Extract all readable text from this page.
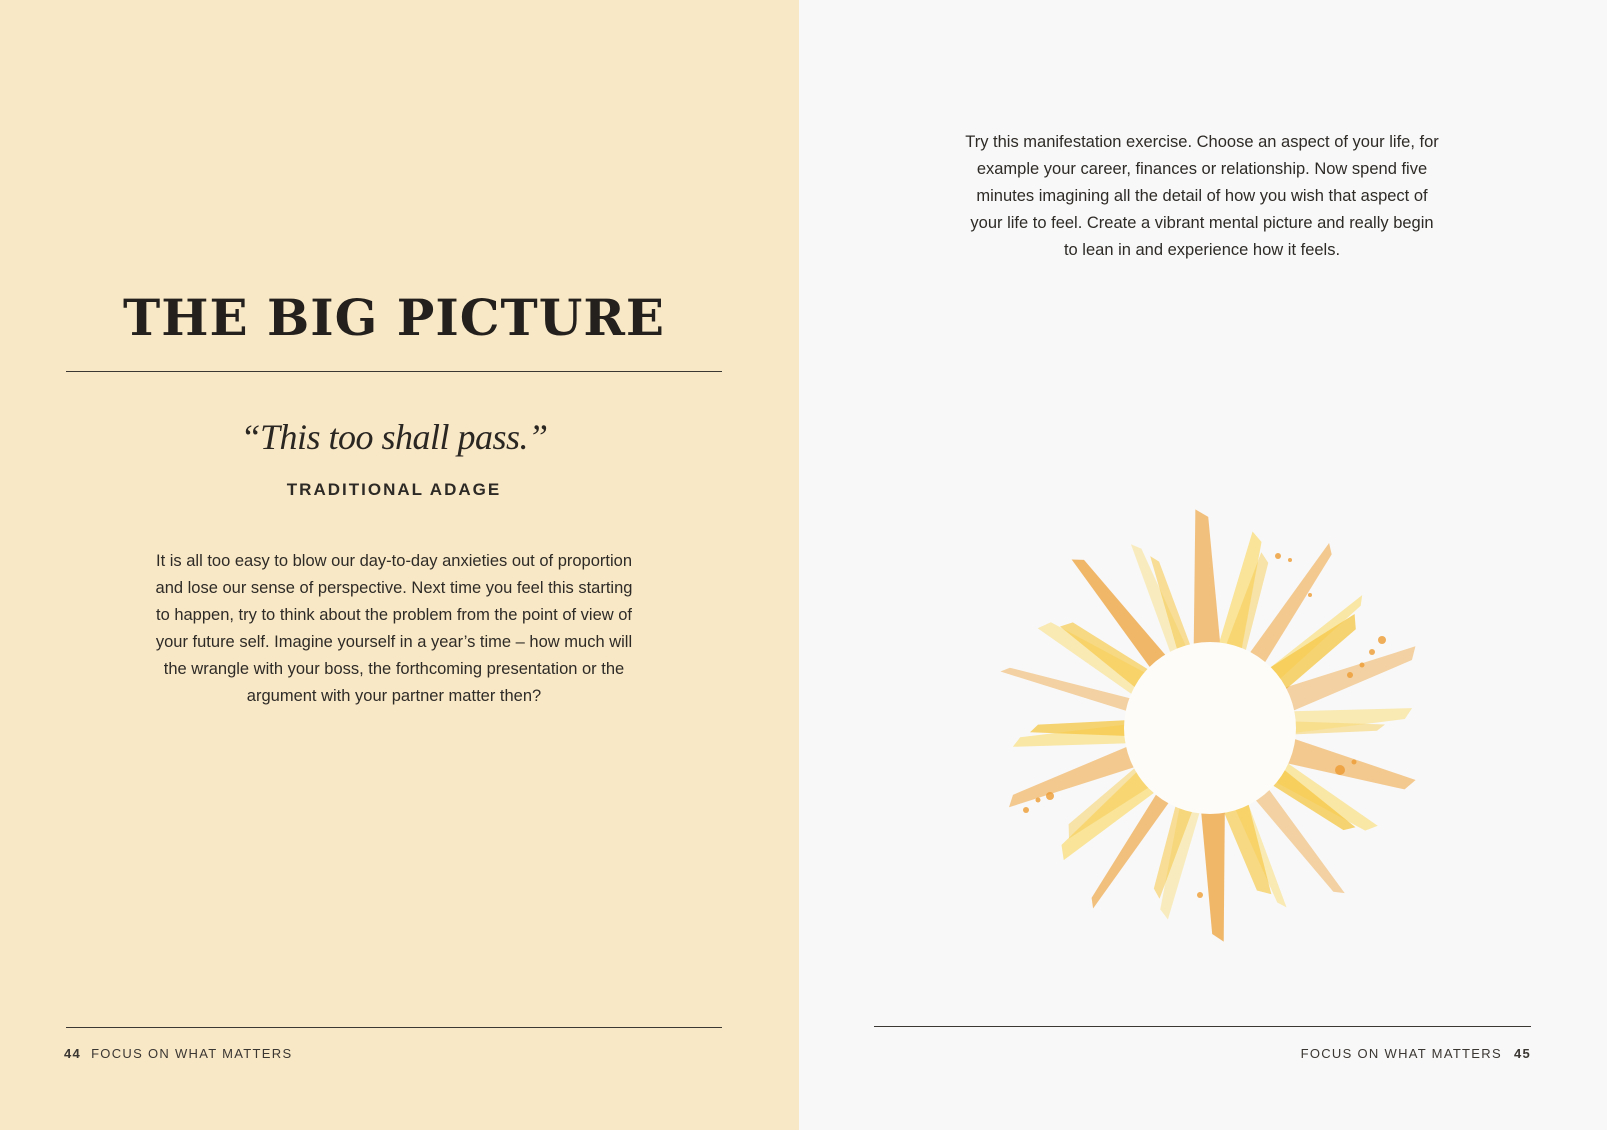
THE BIG PICTURE
“This too shall pass.”
TRADITIONAL ADAGE

It is all too easy to blow our day-to-day anxieties out of proportion
and lose our sense of perspective. Next time you feel this starting
to happen, try to think about the problem from the point of view of
your future self. Imagine yourself in a year’s time – how much will
the wrangle with your boss, the forthcoming presentation or the
argument with your partner matter then?

44 FOCUS ON WHAT MATTERS

Try this manifestation exercise. Choose an aspect of your life, for
example your career, finances or relationship. Now spend five
minutes imagining all the detail of how you wish that aspect of
your life to feel. Create a vibrant mental picture and really begin
to lean in and experience how it feels.

FOCUS ON WHAT MATTERS 45
